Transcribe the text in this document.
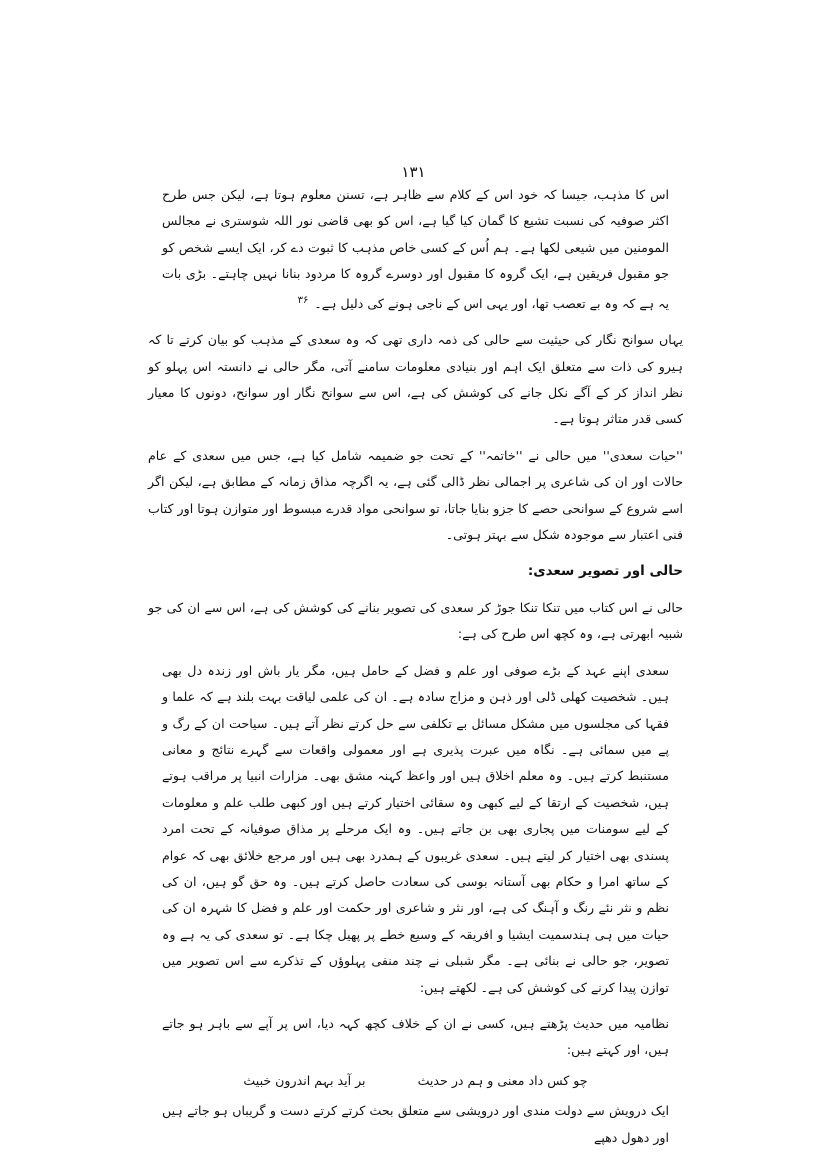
۱۳۱

اس کا مذہب، جیسا کہ خود اس کے کلام سے ظاہر ہے، تسنن معلوم ہوتا ہے، لیکن جس طرح اکثر صوفیہ کی نسبت تشیع کا گمان کیا گیا ہے، اس کو بھی قاضی نور اللہ شوستری نے مجالس المومنین میں شیعی لکھا ہے۔ ہم اُس کے کسی خاص مذہب کا ثبوت دے کر، ایک ایسے شخص کو جو مقبول فریقین ہے، ایک گروہ کا مقبول اور دوسرے گروہ کا مردود بنانا نہیں چاہتے۔ بڑی بات یہ ہے کہ وہ بے تعصب تھا، اور یہی اس کے ناجی ہونے کی دلیل ہے۔$^{۳۶}$

یہاں سوانح نگار کی حیثیت سے حالی کی ذمہ داری تھی کہ وہ سعدی کے مذہب کو بیان کرتے تا کہ ہیرو کی ذات سے متعلق ایک اہم اور بنیادی معلومات سامنے آتی، مگر حالی نے دانستہ اس پہلو کو نظر انداز کر کے آگے نکل جانے کی کوشش کی ہے، اس سے سوانح نگار اور سوانح، دونوں کا معیار کسی قدر متاثر ہوتا ہے۔

''حیات سعدی'' میں حالی نے ''خاتمہ'' کے تحت جو ضمیمہ شامل کیا ہے، جس میں سعدی کے عام حالات اور ان کی شاعری پر اجمالی نظر ڈالی گئی ہے، یہ اگرچہ مذاق زمانہ کے مطابق ہے، لیکن اگر اسے شروع کے سوانحی حصے کا جزو بنایا جاتا، تو سوانحی مواد قدرے مبسوط اور متوازن ہوتا اور کتاب فنی اعتبار سے موجودہ شکل سے بہتر ہوتی۔

حالی اور تصویر سعدی:

حالی نے اس کتاب میں تنکا تنکا جوڑ کر سعدی کی تصویر بنانے کی کوشش کی ہے، اس سے ان کی جو شبیہ ابھرتی ہے، وہ کچھ اس طرح کی ہے:

سعدی اپنے عہد کے بڑے صوفی اور علم و فضل کے حامل ہیں، مگر یار باش اور زندہ دل بھی ہیں۔ شخصیت کھلی ڈلی اور ذہن و مزاج سادہ ہے۔ ان کی علمی لیاقت بہت بلند ہے کہ علما و فقہا کی مجلسوں میں مشکل مسائل بے تکلفی سے حل کرتے نظر آتے ہیں۔ سیاحت ان کے رگ و پے میں سمائی ہے۔ نگاہ میں عبرت پذیری ہے اور معمولی واقعات سے گہرے نتائج و معانی مستنبط کرتے ہیں۔ وہ معلم اخلاق ہیں اور واعظ کہنہ مشق بھی۔ مزارات انبیا پر مراقب ہوتے ہیں، شخصیت کے ارتقا کے لیے کبھی وہ سقائی اختیار کرتے ہیں اور کبھی طلب علم و معلومات کے لیے سومنات میں پجاری بھی بن جاتے ہیں۔ وہ ایک مرحلے پر مذاق صوفیانہ کے تحت امرد پسندی بھی اختیار کر لیتے ہیں۔ سعدی غریبوں کے ہمدرد بھی ہیں اور مرجع خلائق بھی کہ عوام کے ساتھ امرا و حکام بھی آستانہ بوسی کی سعادت حاصل کرتے ہیں۔ وہ حق گو ہیں، ان کی نظم و نثر نئے رنگ و آہنگ کی ہے، اور نثر و شاعری اور حکمت اور علم و فضل کا شہرہ ان کی حیات میں ہی ہندسمیت ایشیا و افریقہ کے وسیع خطے پر پھیل چکا ہے۔ تو سعدی کی یہ ہے وہ تصویر، جو حالی نے بنائی ہے۔ مگر شبلی نے چند منفی پہلوؤں کے تذکرے سے اس تصویر میں توازن پیدا کرنے کی کوشش کی ہے۔ لکھتے ہیں:

نظامیہ میں حدیث پڑھتے ہیں، کسی نے ان کے خلاف کچھ کہہ دیا، اس پر آپے سے باہر ہو جاتے ہیں، اور کہتے ہیں:

چو کس داد معنی و ہم در حدیث بر آید بہم اندرون خبیث

ایک درویش سے دولت مندی اور درویشی سے متعلق بحث کرتے کرتے دست و گریباں ہو جاتے ہیں اور دھول دھپے
